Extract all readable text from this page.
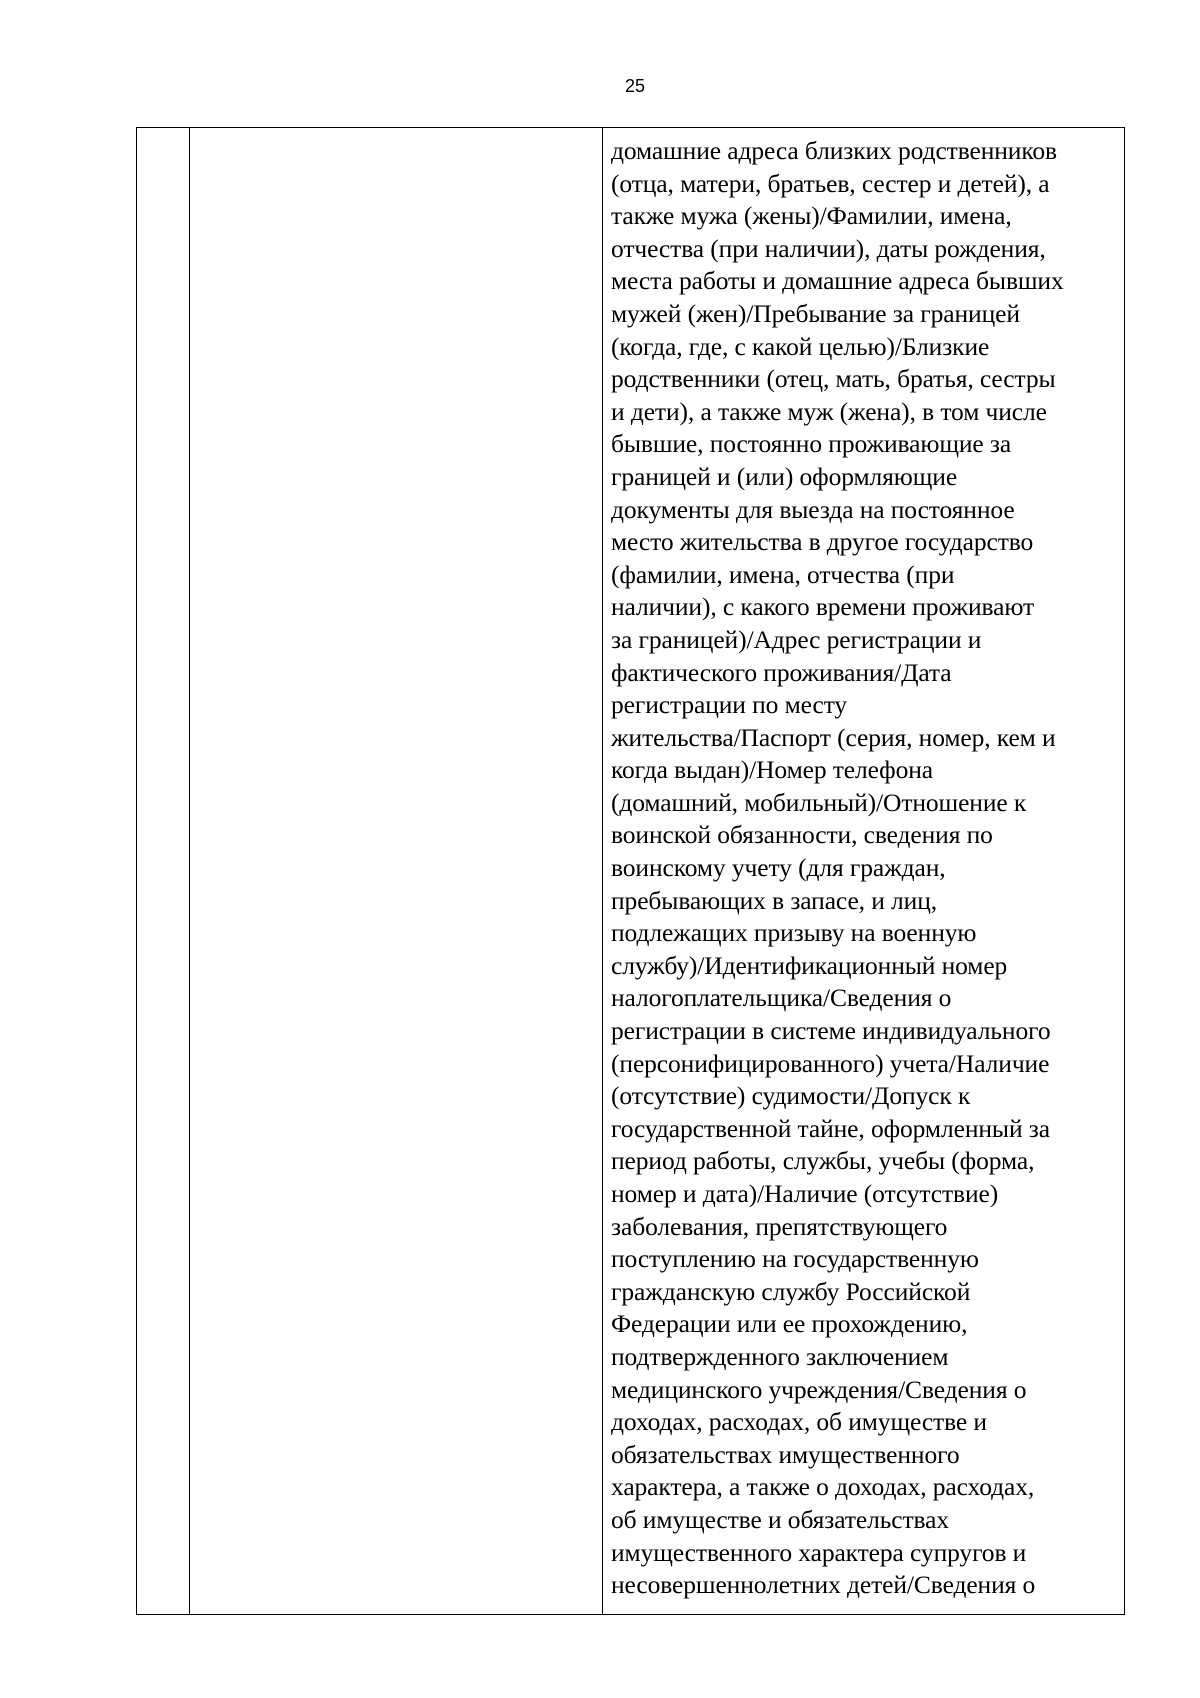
25

домашние адреса близких родственников
(отца, матери, братьев, сестер и детей), а
также мужа (жены)/Фамилии, имена,
отчества (при наличии), даты рождения,
места работы и домашние адреса бывших
мужей (жен)/Пребывание за границей
(когда, где, с какой целью)/Близкие
родственники (отец, мать, братья, сестры
и дети), а также муж (жена), в том числе
бывшие, постоянно проживающие за
границей и (или) оформляющие
документы для выезда на постоянное
место жительства в другое государство
(фамилии, имена, отчества (при
наличии), с какого времени проживают
за границей)/Адрес регистрации и
фактического проживания/Дата
регистрации по месту
жительства/Паспорт (серия, номер, кем и
когда выдан)/Номер телефона
(домашний, мобильный)/Отношение к
воинской обязанности, сведения по
воинскому учету (для граждан,
пребывающих в запасе, и лиц,
подлежащих призыву на военную
службу)/Идентификационный номер
налогоплательщика/Сведения о
регистрации в системе индивидуального
(персонифицированного) учета/Наличие
(отсутствие) судимости/Допуск к
государственной тайне, оформленный за
период работы, службы, учебы (форма,
номер и дата)/Наличие (отсутствие)
заболевания, препятствующего
поступлению на государственную
гражданскую службу Российской
Федерации или ее прохождению,
подтвержденного заключением
медицинского учреждения/Сведения о
доходах, расходах, об имуществе и
обязательствах имущественного
характера, а также о доходах, расходах,
об имуществе и обязательствах
имущественного характера супругов и
несовершеннолетних детей/Сведения о
